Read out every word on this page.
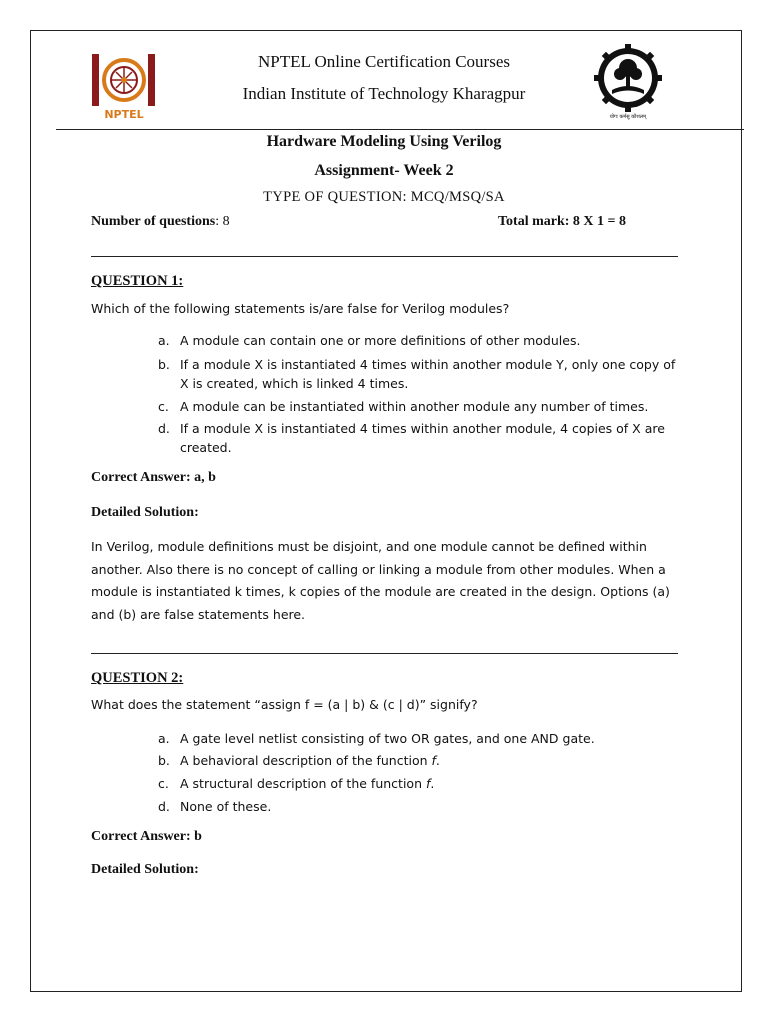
NPTEL	योगः कर्मसु कौशलम्
NPTEL Online Certification Courses
Indian Institute of Technology Kharagpur
Hardware Modeling Using Verilog
Assignment- Week 2
TYPE OF QUESTION: MCQ/MSQ/SA
Number of questions: 8	Total mark: 8 X 1 = 8
QUESTION 1:
Which of the following statements is/are false for Verilog modules?
a. A module can contain one or more definitions of other modules.
b. If a module X is instantiated 4 times within another module Y, only one copy of X is created, which is linked 4 times.
c. A module can be instantiated within another module any number of times.
d. If a module X is instantiated 4 times within another module, 4 copies of X are created.
Correct Answer: a, b
Detailed Solution:
In Verilog, module definitions must be disjoint, and one module cannot be defined within another. Also there is no concept of calling or linking a module from other modules. When a module is instantiated k times, k copies of the module are created in the design. Options (a) and (b) are false statements here.
QUESTION 2:
What does the statement “assign f = (a | b) & (c | d)” signify?
a. A gate level netlist consisting of two OR gates, and one AND gate.
b. A behavioral description of the function f.
c. A structural description of the function f.
d. None of these.
Correct Answer: b
Detailed Solution:
